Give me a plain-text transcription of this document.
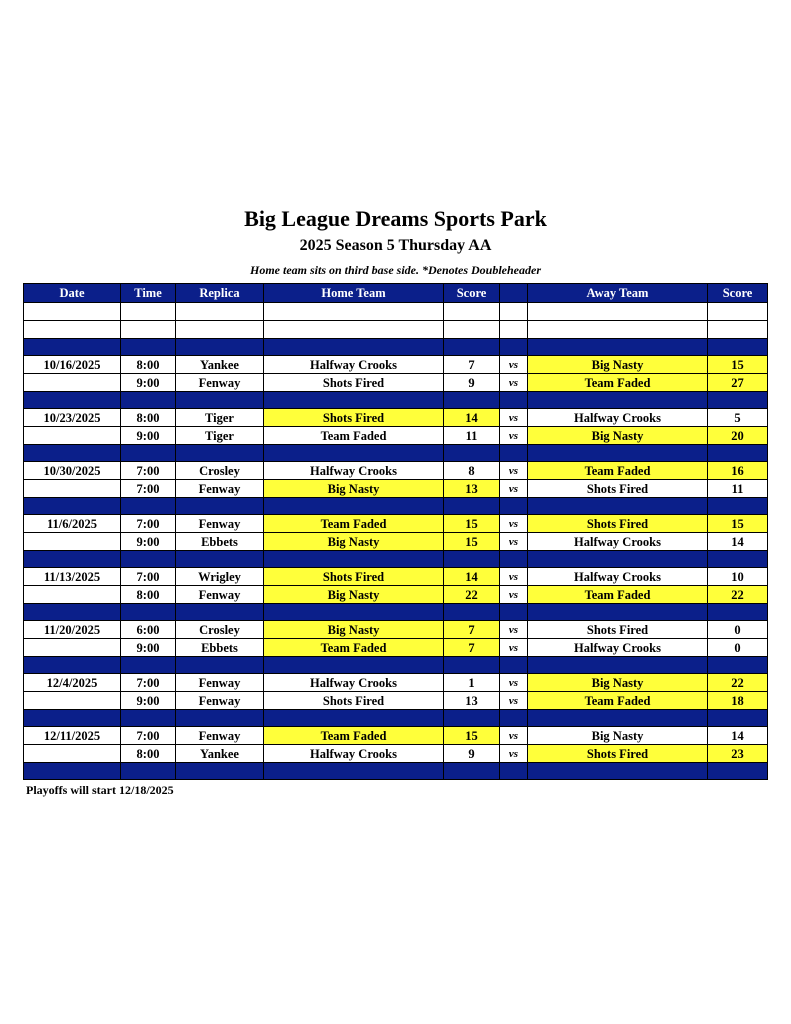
Big League Dreams Sports Park
2025 Season 5 Thursday AA
Home team sits on third base side. *Denotes Doubleheader
Date	Time	Replica	Home Team	Score		Away Team	Score

10/16/2025	8:00	Yankee	Halfway Crooks	7	vs	Big Nasty	15
	9:00	Fenway	Shots Fired	9	vs	Team Faded	27

10/23/2025	8:00	Tiger	Shots Fired	14	vs	Halfway Crooks	5
	9:00	Tiger	Team Faded	11	vs	Big Nasty	20

10/30/2025	7:00	Crosley	Halfway Crooks	8	vs	Team Faded	16
	7:00	Fenway	Big Nasty	13	vs	Shots Fired	11

11/6/2025	7:00	Fenway	Team Faded	15	vs	Shots Fired	15
	9:00	Ebbets	Big Nasty	15	vs	Halfway Crooks	14

11/13/2025	7:00	Wrigley	Shots Fired	14	vs	Halfway Crooks	10
	8:00	Fenway	Big Nasty	22	vs	Team Faded	22

11/20/2025	6:00	Crosley	Big Nasty	7	vs	Shots Fired	0
	9:00	Ebbets	Team Faded	7	vs	Halfway Crooks	0

12/4/2025	7:00	Fenway	Halfway Crooks	1	vs	Big Nasty	22
	9:00	Fenway	Shots Fired	13	vs	Team Faded	18

12/11/2025	7:00	Fenway	Team Faded	15	vs	Big Nasty	14
	8:00	Yankee	Halfway Crooks	9	vs	Shots Fired	23

Playoffs will start 12/18/2025
